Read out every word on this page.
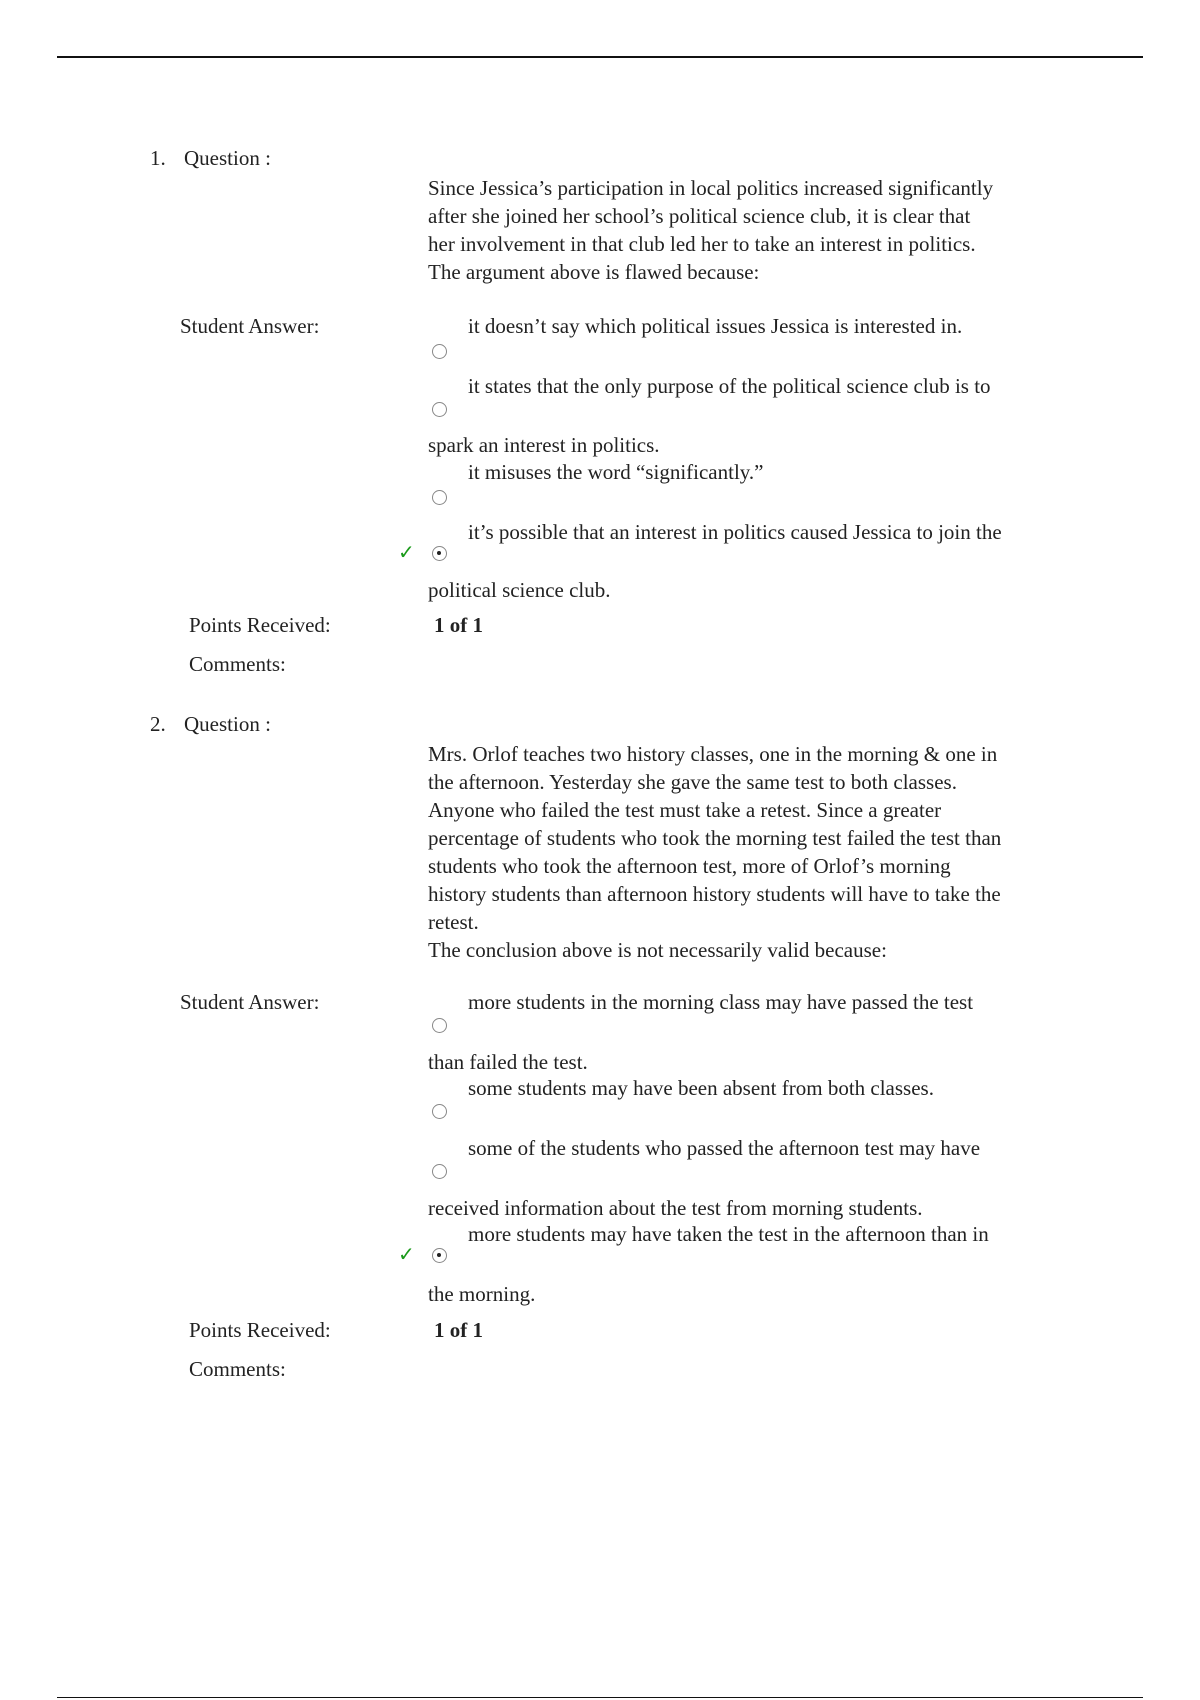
1. Question :

Since Jessica’s participation in local politics increased significantly

after she joined her school’s political science club, it is clear that

her involvement in that club led her to take an interest in politics.

The argument above is flawed because:

Student Answer:	it doesn’t say which political issues Jessica is interested in.
it states that the only purpose of the political science club is to
spark an interest in politics.
it misuses the word “significantly.”
✓
it’s possible that an interest in politics caused Jessica to join the
political science club.
Points Received:	1 of 1
Comments:
2. Question :

Mrs. Orlof teaches two history classes, one in the morning & one in

the afternoon. Yesterday she gave the same test to both classes.

Anyone who failed the test must take a retest. Since a greater

percentage of students who took the morning test failed the test than

students who took the afternoon test, more of Orlof’s morning

history students than afternoon history students will have to take the

retest.

The conclusion above is not necessarily valid because:

Student Answer:	more students in the morning class may have passed the test
than failed the test.
some students may have been absent from both classes.
some of the students who passed the afternoon test may have
received information about the test from morning students.
✓
more students may have taken the test in the afternoon than in
the morning.
Points Received:	1 of 1
Comments:
